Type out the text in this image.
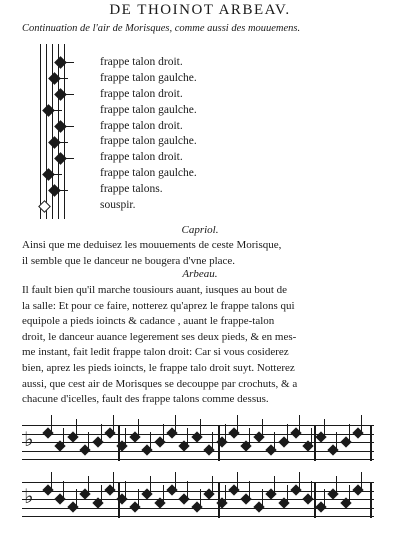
DE THOINOT ARBEAV.
Continuation de l'air de Morisques, comme aussi des mouuemens.
frappe talon droit.
frappe talon gaulche.
frappe talon droit.
frappe talon gaulche.
frappe talon droit.
frappe talon gaulche.
frappe talon droit.
frappe talon gaulche.
frappe talons.
souspir.
Capriol.
Ainsi que me deduisez les mouuements de ceste Morisque,
il semble que le danceur ne bougera d'vne place.
Arbeau.
Il fault bien qu'il marche tousiours auant, iusques au bout de
la salle: Et pour ce faire, notterez qu'aprez le frappe talons qui
equipole a pieds ioincts & cadance , auant le frappe-talon
droit, le danceur auance legerement ses deux pieds, & en mes-
me instant, fait ledit frappe talon droit: Car si vous cosiderez
bien, aprez les pieds ioincts, le frappe talo droit suyt. Notterez
aussi, que cest air de Morisques se decouppe par crochuts, & a
chacune d'icelles, fault des frappe talons comme dessus.
♭
♭
